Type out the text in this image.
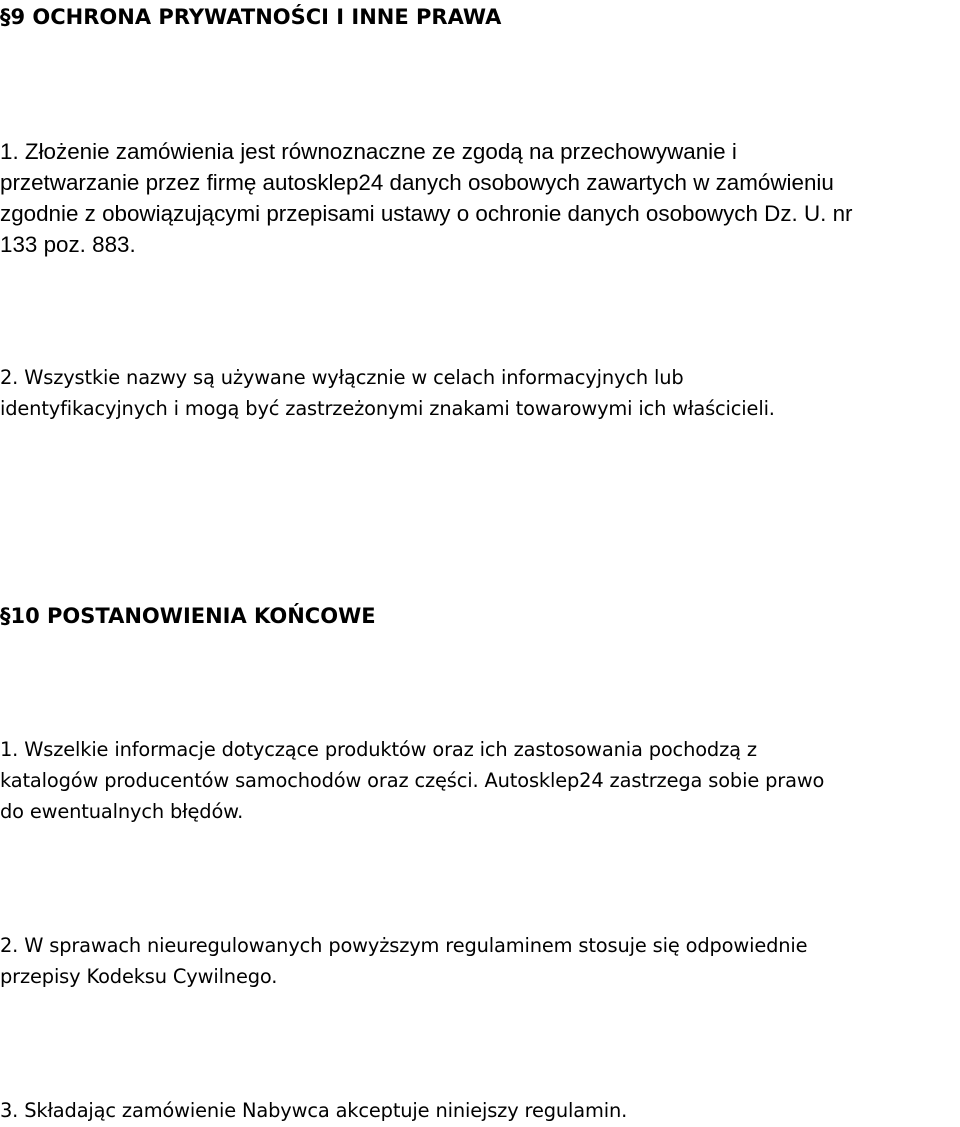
§9 OCHRONA PRYWATNOŚCI I INNE PRAWA

1. Złożenie zamówienia jest równoznaczne ze zgodą na przechowywanie i
przetwarzanie przez firmę autosklep24 danych osobowych zawartych w zamówieniu
zgodnie z obowiązującymi przepisami ustawy o ochronie danych osobowych Dz. U. nr
133 poz. 883.

2. Wszystkie nazwy są używane wyłącznie w celach informacyjnych lub
identyfikacyjnych i mogą być zastrzeżonymi znakami towarowymi ich właścicieli.

§10 POSTANOWIENIA KOŃCOWE

1. Wszelkie informacje dotyczące produktów oraz ich zastosowania pochodzą z
katalogów producentów samochodów oraz części. Autosklep24 zastrzega sobie prawo
do ewentualnych błędów.

2. W sprawach nieuregulowanych powyższym regulaminem stosuje się odpowiednie
przepisy Kodeksu Cywilnego.

3. Składając zamówienie Nabywca akceptuje niniejszy regulamin.
